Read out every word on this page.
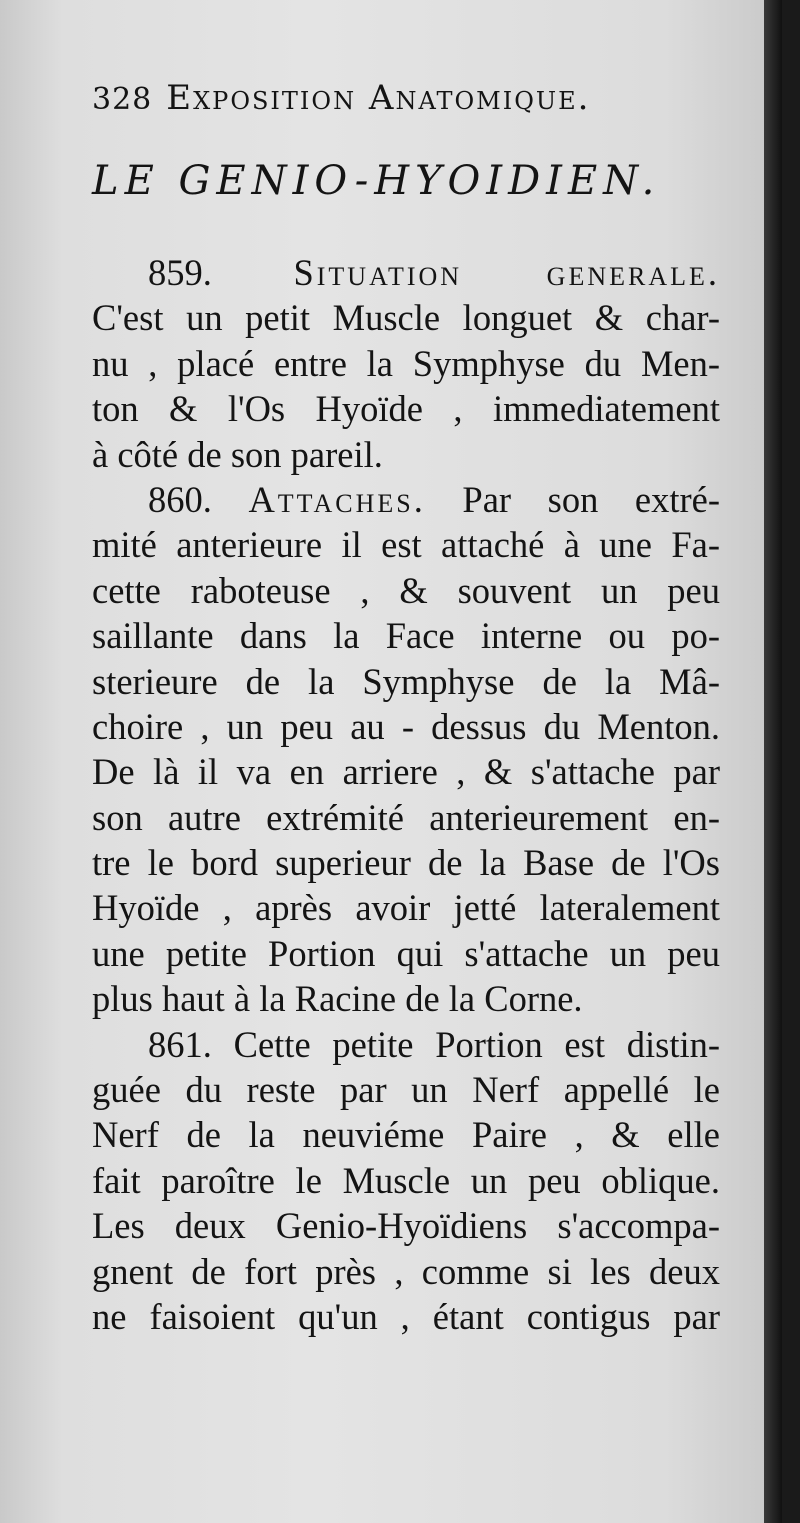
328 Exposition Anatomique.
LE GENIO-HYOIDIEN.
859. Situation generale.
C'est un petit Muscle longuet & char-
nu , placé entre la Symphyse du Men-
ton & l'Os Hyoïde , immediatement
à côté de son pareil.
860. Attaches. Par son extré-
mité anterieure il est attaché à une Fa-
cette raboteuse , & souvent un peu
saillante dans la Face interne ou po-
sterieure de la Symphyse de la Mâ-
choire , un peu au - dessus du Menton.
De là il va en arriere , & s'attache par
son autre extrémité anterieurement en-
tre le bord superieur de la Base de l'Os
Hyoïde , après avoir jetté lateralement
une petite Portion qui s'attache un peu
plus haut à la Racine de la Corne.
861. Cette petite Portion est distin-
guée du reste par un Nerf appellé le
Nerf de la neuviéme Paire , & elle
fait paroître le Muscle un peu oblique.
Les deux Genio-Hyoïdiens s'accompa-
gnent de fort près , comme si les deux
ne faisoient qu'un , étant contigus par
